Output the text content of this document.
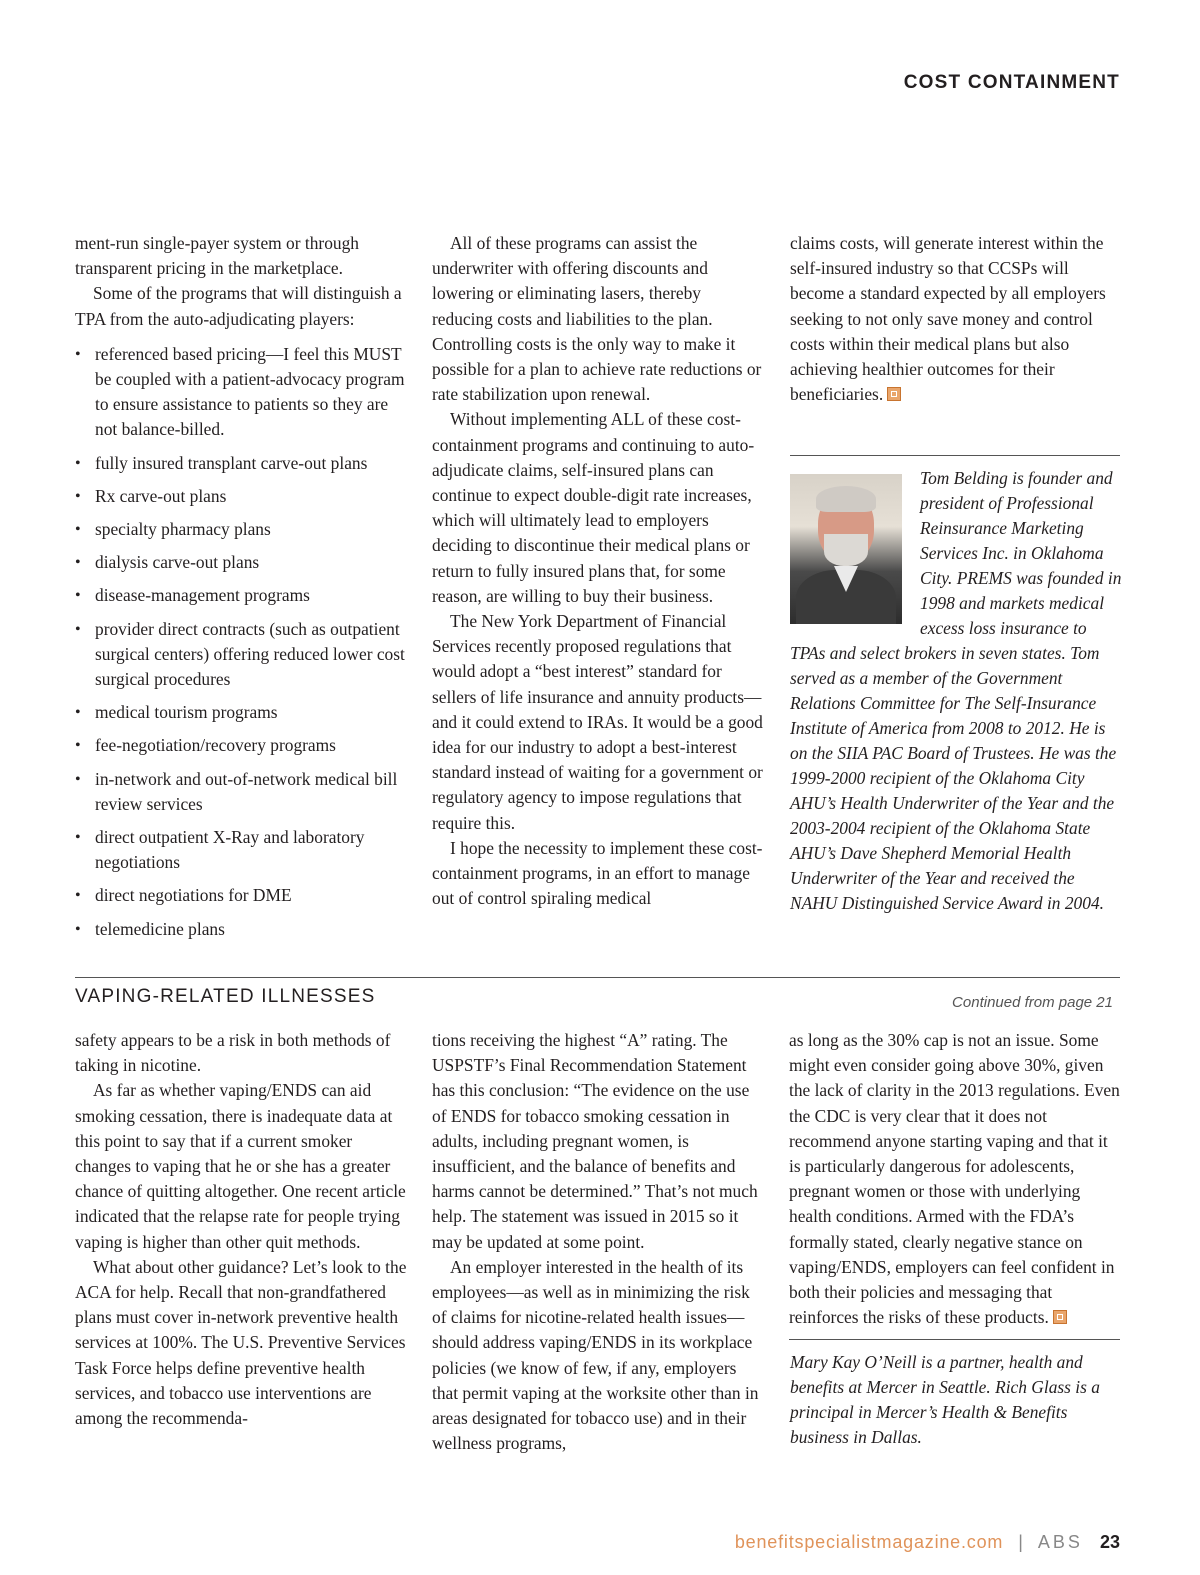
COST CONTAINMENT

ment-run single-payer system or through transparent pricing in the marketplace.

Some of the programs that will distinguish a TPA from the auto-adjudicating players:

• referenced based pricing—I feel this MUST be coupled with a patient-advocacy program to ensure assistance to patients so they are not balance-billed.
• fully insured transplant carve-out plans
• Rx carve-out plans
• specialty pharmacy plans
• dialysis carve-out plans
• disease-management programs
• provider direct contracts (such as outpatient surgical centers) offering reduced lower cost surgical procedures
• medical tourism programs
• fee-negotiation/recovery programs
• in-network and out-of-network medical bill review services
• direct outpatient X-Ray and laboratory negotiations
• direct negotiations for DME
• telemedicine plans

All of these programs can assist the underwriter with offering discounts and lowering or eliminating lasers, thereby reducing costs and liabilities to the plan. Controlling costs is the only way to make it possible for a plan to achieve rate reductions or rate stabilization upon renewal.

Without implementing ALL of these cost-containment programs and continuing to auto-adjudicate claims, self-insured plans can continue to expect double-digit rate increases, which will ultimately lead to employers deciding to discontinue their medical plans or return to fully insured plans that, for some reason, are willing to buy their business.

The New York Department of Financial Services recently proposed regulations that would adopt a “best interest” standard for sellers of life insurance and annuity products—and it could extend to IRAs. It would be a good idea for our industry to adopt a best-interest standard instead of waiting for a government or regulatory agency to impose regulations that require this.

I hope the necessity to implement these cost-containment programs, in an effort to manage out of control spiraling medical

claims costs, will generate interest within the self-insured industry so that CCSPs will become a standard expected by all employers seeking to not only save money and control costs within their medical plans but also achieving healthier outcomes for their beneficiaries.

Tom Belding is founder and president of Professional Reinsurance Marketing Services Inc. in Oklahoma City. PREMS was founded in 1998 and markets medical excess loss insurance to TPAs and select brokers in seven states. Tom served as a member of the Government Relations Committee for The Self-Insurance Institute of America from 2008 to 2012. He is on the SIIA PAC Board of Trustees. He was the 1999-2000 recipient of the Oklahoma City AHU’s Health Underwriter of the Year and the 2003-2004 recipient of the Oklahoma State AHU’s Dave Shepherd Memorial Health Underwriter of the Year and received the NAHU Distinguished Service Award in 2004.
VAPING-RELATED ILLNESSES	Continued from page 21

safety appears to be a risk in both methods of taking in nicotine.

As far as whether vaping/ENDS can aid smoking cessation, there is inadequate data at this point to say that if a current smoker changes to vaping that he or she has a greater chance of quitting altogether. One recent article indicated that the relapse rate for people trying vaping is higher than other quit methods.

What about other guidance? Let’s look to the ACA for help. Recall that non-grandfathered plans must cover in-network preventive health services at 100%. The U.S. Preventive Services Task Force helps define preventive health services, and tobacco use interventions are among the recommenda-

tions receiving the highest “A” rating. The USPSTF’s Final Recommendation Statement has this conclusion: “The evidence on the use of ENDS for tobacco smoking cessation in adults, including pregnant women, is insufficient, and the balance of benefits and harms cannot be determined.” That’s not much help. The statement was issued in 2015 so it may be updated at some point.

An employer interested in the health of its employees—as well as in minimizing the risk of claims for nicotine-related health issues—should address vaping/ENDS in its workplace policies (we know of few, if any, employers that permit vaping at the worksite other than in areas designated for tobacco use) and in their wellness programs,

as long as the 30% cap is not an issue. Some might even consider going above 30%, given the lack of clarity in the 2013 regulations. Even the CDC is very clear that it does not recommend anyone starting vaping and that it is particularly dangerous for adolescents, pregnant women or those with underlying health conditions. Armed with the FDA’s formally stated, clearly negative stance on vaping/ENDS, employers can feel confident in both their policies and messaging that reinforces the risks of these products.

Mary Kay O’Neill is a partner, health and benefits at Mercer in Seattle. Rich Glass is a principal in Mercer’s Health & Benefits business in Dallas.
benefitspecialistmagazine.com | ABS 23
